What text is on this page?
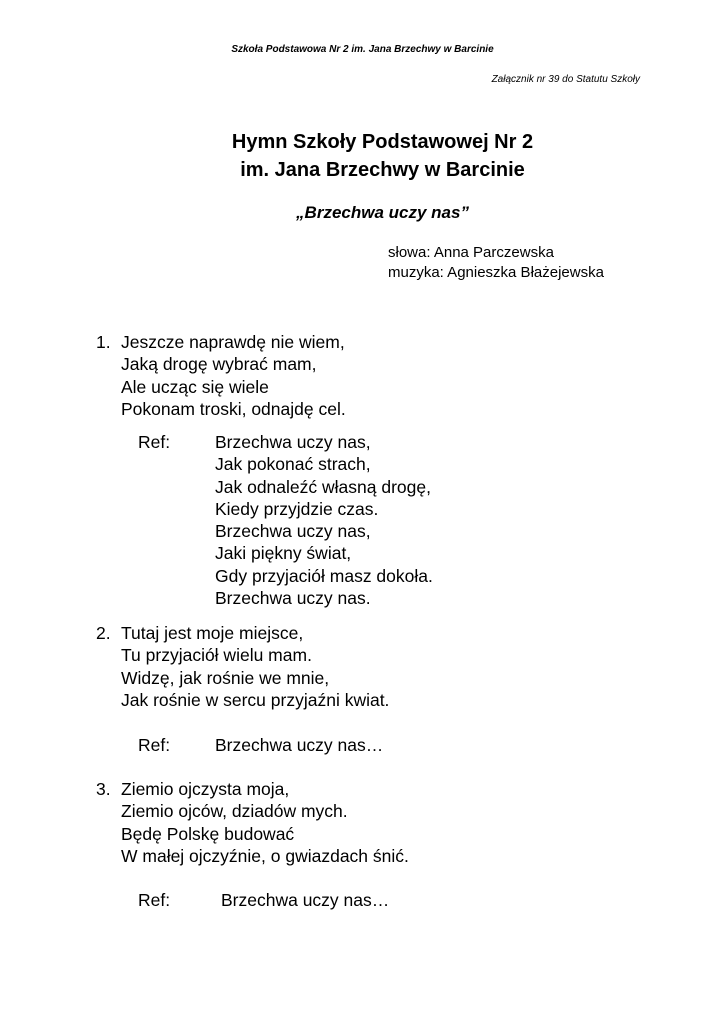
Szkoła Podstawowa Nr 2 im. Jana Brzechwy w Barcinie
Załącznik nr 39 do Statutu Szkoły
Hymn Szkoły Podstawowej Nr 2
im. Jana Brzechwy w Barcinie
„Brzechwa uczy nas”
słowa: Anna Parczewska
muzyka: Agnieszka Błażejewska
1. Jeszcze naprawdę nie wiem,
Jaką drogę wybrać mam,
Ale ucząc się wiele
Pokonam troski, odnajdę cel.
Ref:	Brzechwa uczy nas,
Jak pokonać strach,
Jak odnaleźć własną drogę,
Kiedy przyjdzie czas.
Brzechwa uczy nas,
Jaki piękny świat,
Gdy przyjaciół masz dokoła.
Brzechwa uczy nas.
2. Tutaj jest moje miejsce,
Tu przyjaciół wielu mam.
Widzę, jak rośnie we mnie,
Jak rośnie w sercu przyjaźni kwiat.
Ref:	Brzechwa uczy nas…
3. Ziemio ojczysta moja,
Ziemio ojców, dziadów mych.
Będę Polskę budować
W małej ojczyźnie, o gwiazdach śnić.
Ref:	Brzechwa uczy nas…
